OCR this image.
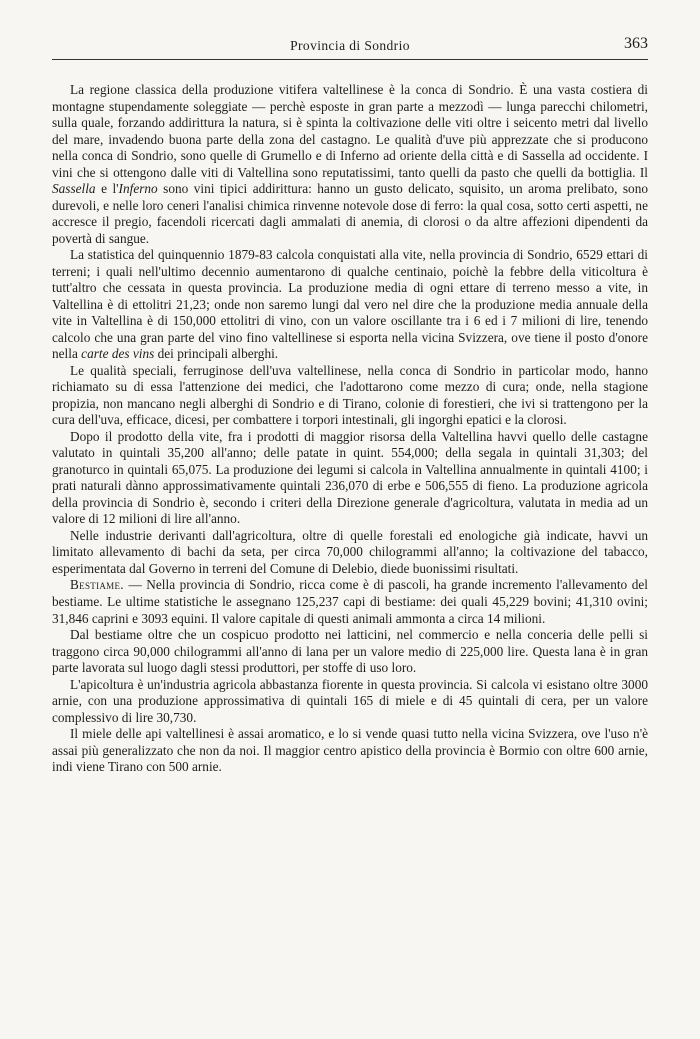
Provincia di Sondrio	363

La regione classica della produzione vitifera valtellinese è la conca di Sondrio. È una vasta costiera di montagne stupendamente soleggiate — perchè esposte in gran parte a mezzodì — lunga parecchi chilometri, sulla quale, forzando addirittura la natura, si è spinta la coltivazione delle viti oltre i seicento metri dal livello del mare, invadendo buona parte della zona del castagno. Le qualità d'uve più apprezzate che si producono nella conca di Sondrio, sono quelle di Grumello e di Inferno ad oriente della città e di Sassella ad occidente. I vini che si ottengono dalle viti di Valtellina sono reputatissimi, tanto quelli da pasto che quelli da bottiglia. Il Sassella e l'Inferno sono vini tipici addirittura: hanno un gusto delicato, squisito, un aroma prelibato, sono durevoli, e nelle loro ceneri l'analisi chimica rinvenne notevole dose di ferro: la qual cosa, sotto certi aspetti, ne accresce il pregio, facendoli ricercati dagli ammalati di anemia, di clorosi o da altre affezioni dipendenti da povertà di sangue.

La statistica del quinquennio 1879-83 calcola conquistati alla vite, nella provincia di Sondrio, 6529 ettari di terreni; i quali nell'ultimo decennio aumentarono di qualche centinaio, poichè la febbre della viticoltura è tutt'altro che cessata in questa provincia. La produzione media di ogni ettare di terreno messo a vite, in Valtellina è di ettolitri 21,23; onde non saremo lungi dal vero nel dire che la produzione media annuale della vite in Valtellina è di 150,000 ettolitri di vino, con un valore oscillante tra i 6 ed i 7 milioni di lire, tenendo calcolo che una gran parte del vino fino valtellinese si esporta nella vicina Svizzera, ove tiene il posto d'onore nella carte des vins dei principali alberghi.

Le qualità speciali, ferruginose dell'uva valtellinese, nella conca di Sondrio in particolar modo, hanno richiamato su di essa l'attenzione dei medici, che l'adottarono come mezzo di cura; onde, nella stagione propizia, non mancano negli alberghi di Sondrio e di Tirano, colonie di forestieri, che ivi si trattengono per la cura dell'uva, efficace, dicesi, per combattere i torpori intestinali, gli ingorghi epatici e la clorosi.

Dopo il prodotto della vite, fra i prodotti di maggior risorsa della Valtellina havvi quello delle castagne valutato in quintali 35,200 all'anno; delle patate in quint. 554,000; della segala in quintali 31,303; del granoturco in quintali 65,075. La produzione dei legumi si calcola in Valtellina annualmente in quintali 4100; i prati naturali dànno approssimativamente quintali 236,070 di erbe e 506,555 di fieno. La produzione agricola della provincia di Sondrio è, secondo i criteri della Direzione generale d'agricoltura, valutata in media ad un valore di 12 milioni di lire all'anno.

Nelle industrie derivanti dall'agricoltura, oltre di quelle forestali ed enologiche già indicate, havvi un limitato allevamento di bachi da seta, per circa 70,000 chilogrammi all'anno; la coltivazione del tabacco, esperimentata dal Governo in terreni del Comune di Delebio, diede buonissimi risultati.

Bestiame. — Nella provincia di Sondrio, ricca come è di pascoli, ha grande incremento l'allevamento del bestiame. Le ultime statistiche le assegnano 125,237 capi di bestiame: dei quali 45,229 bovini; 41,310 ovini; 31,846 caprini e 3093 equini. Il valore capitale di questi animali ammonta a circa 14 milioni.

Dal bestiame oltre che un cospicuo prodotto nei latticini, nel commercio e nella conceria delle pelli si traggono circa 90,000 chilogrammi all'anno di lana per un valore medio di 225,000 lire. Questa lana è in gran parte lavorata sul luogo dagli stessi produttori, per stoffe di uso loro.

L'apicoltura è un'industria agricola abbastanza fiorente in questa provincia. Si calcola vi esistano oltre 3000 arnie, con una produzione approssimativa di quintali 165 di miele e di 45 quintali di cera, per un valore complessivo di lire 30,730.

Il miele delle api valtellinesi è assai aromatico, e lo si vende quasi tutto nella vicina Svizzera, ove l'uso n'è assai più generalizzato che non da noi. Il maggior centro apistico della provincia è Bormio con oltre 600 arnie, indi viene Tirano con 500 arnie.
